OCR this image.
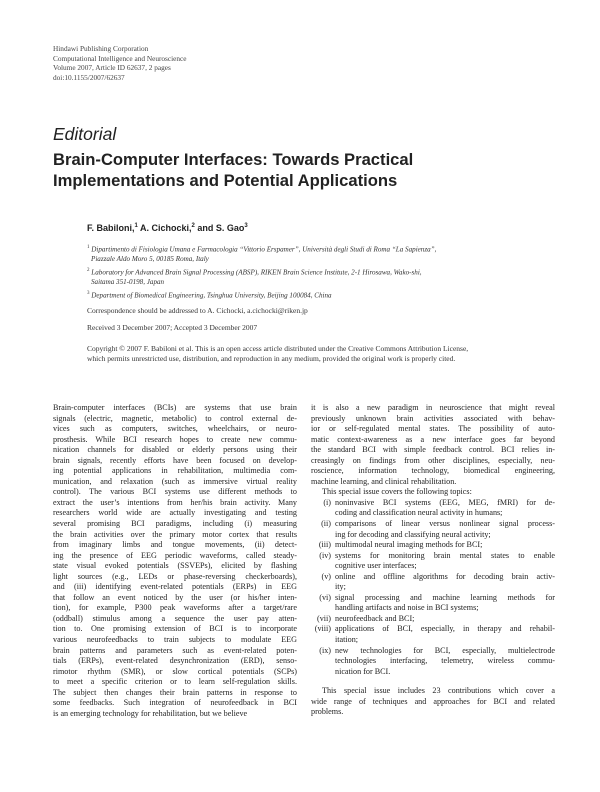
Hindawi Publishing Corporation
Computational Intelligence and Neuroscience
Volume 2007, Article ID 62637, 2 pages
doi:10.1155/2007/62637
Editorial
Brain-Computer Interfaces: Towards Practical
Implementations and Potential Applications
F. Babiloni,$^1$ A. Cichocki,$^2$ and S. Gao$^3$
$^1$ Dipartimento di Fisiologia Umana e Farmacologia “Vittorio Erspamer”, Università degli Studi di Roma “La Sapienza”,
Piazzale Aldo Moro 5, 00185 Roma, Italy
$^2$ Laboratory for Advanced Brain Signal Processing (ABSP), RIKEN Brain Science Institute, 2-1 Hirosawa, Wako-shi,
Saitama 351-0198, Japan
$^3$ Department of Biomedical Engineering, Tsinghua University, Beijing 100084, China
Correspondence should be addressed to A. Cichocki, a.cichocki@riken.jp
Received 3 December 2007; Accepted 3 December 2007
Copyright © 2007 F. Babiloni et al. This is an open access article distributed under the Creative Commons Attribution License,
which permits unrestricted use, distribution, and reproduction in any medium, provided the original work is properly cited.
Brain-computer interfaces (BCIs) are systems that use brain
signals (electric, magnetic, metabolic) to control external de-
vices such as computers, switches, wheelchairs, or neuro-
prosthesis. While BCI research hopes to create new commu-
nication channels for disabled or elderly persons using their
brain signals, recently efforts have been focused on develop-
ing potential applications in rehabilitation, multimedia com-
munication, and relaxation (such as immersive virtual reality
control). The various BCI systems use different methods to
extract the user’s intentions from her/his brain activity. Many
researchers world wide are actually investigating and testing
several promising BCI paradigms, including (i) measuring
the brain activities over the primary motor cortex that results
from imaginary limbs and tongue movements, (ii) detect-
ing the presence of EEG periodic waveforms, called steady-
state visual evoked potentials (SSVEPs), elicited by flashing
light sources (e.g., LEDs or phase-reversing checkerboards),
and (iii) identifying event-related potentials (ERPs) in EEG
that follow an event noticed by the user (or his/her inten-
tion), for example, P300 peak waveforms after a target/rare
(oddball) stimulus among a sequence the user pay atten-
tion to. One promising extension of BCI is to incorporate
various neurofeedbacks to train subjects to modulate EEG
brain patterns and parameters such as event-related poten-
tials (ERPs), event-related desynchronization (ERD), senso-
rimotor rhythm (SMR), or slow cortical potentials (SCPs)
to meet a specific criterion or to learn self-regulation skills.
The subject then changes their brain patterns in response to
some feedbacks. Such integration of neurofeedback in BCI
is an emerging technology for rehabilitation, but we believe
it is also a new paradigm in neuroscience that might reveal
previously unknown brain activities associated with behav-
ior or self-regulated mental states. The possibility of auto-
matic context-awareness as a new interface goes far beyond
the standard BCI with simple feedback control. BCI relies in-
creasingly on findings from other disciplines, especially, neu-
roscience, information technology, biomedical engineering,
machine learning, and clinical rehabilitation.
This special issue covers the following topics:
(i) noninvasive BCI systems (EEG, MEG, fMRI) for de-
coding and classification neural activity in humans;
(ii) comparisons of linear versus nonlinear signal process-
ing for decoding and classifying neural activity;
(iii) multimodal neural imaging methods for BCI;
(iv) systems for monitoring brain mental states to enable
cognitive user interfaces;
(v) online and offline algorithms for decoding brain activ-
ity;
(vi) signal processing and machine learning methods for
handling artifacts and noise in BCI systems;
(vii) neurofeedback and BCI;
(viii) applications of BCI, especially, in therapy and rehabil-
itation;
(ix) new technologies for BCI, especially, multielectrode
technologies interfacing, telemetry, wireless commu-
nication for BCI.
This special issue includes 23 contributions which cover a
wide range of techniques and approaches for BCI and related
problems.
